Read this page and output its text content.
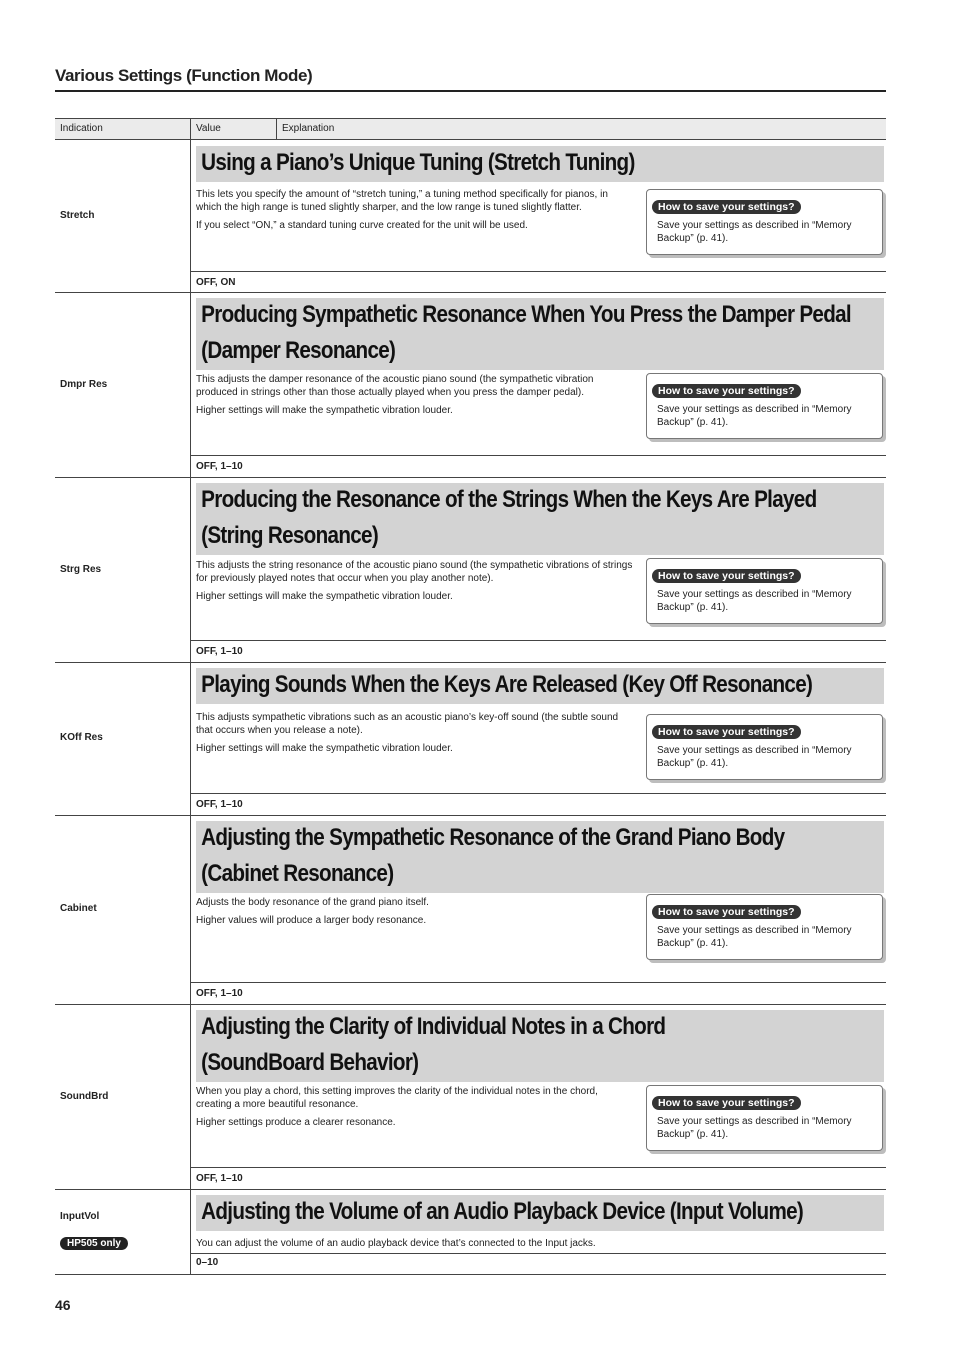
Various Settings (Function Mode)
Indication	Value	Explanation
Stretch
Using a Piano’s Unique Tuning (Stretch Tuning)

This lets you specify the amount of “stretch tuning,” a tuning method specifically for pianos, in which the high range is tuned slightly sharper, and the low range is tuned slightly flatter.

If you select “ON,” a standard tuning curve created for the unit will be used.

How to save your settings?
Save your settings as described in “Memory Backup” (p. 41).
OFF, ON
Dmpr Res
Producing Sympathetic Resonance When You Press the Damper Pedal
(Damper Resonance)

This adjusts the damper resonance of the acoustic piano sound (the sympathetic vibration produced in strings other than those actually played when you press the damper pedal).

Higher settings will make the sympathetic vibration louder.

How to save your settings?
Save your settings as described in “Memory Backup” (p. 41).
OFF, 1–10
Strg Res
Producing the Resonance of the Strings When the Keys Are Played
(String Resonance)

This adjusts the string resonance of the acoustic piano sound (the sympathetic vibrations of strings for previously played notes that occur when you play another note).

Higher settings will make the sympathetic vibration louder.

How to save your settings?
Save your settings as described in “Memory Backup” (p. 41).
OFF, 1–10
KOff Res
Playing Sounds When the Keys Are Released (Key Off Resonance)

This adjusts sympathetic vibrations such as an acoustic piano’s key-off sound (the subtle sound that occurs when you release a note).

Higher settings will make the sympathetic vibration louder.

How to save your settings?
Save your settings as described in “Memory Backup” (p. 41).
OFF, 1–10
Cabinet
Adjusting the Sympathetic Resonance of the Grand Piano Body
(Cabinet Resonance)

Adjusts the body resonance of the grand piano itself.

Higher values will produce a larger body resonance.

How to save your settings?
Save your settings as described in “Memory Backup” (p. 41).
OFF, 1–10
SoundBrd
Adjusting the Clarity of Individual Notes in a Chord
(SoundBoard Behavior)

When you play a chord, this setting improves the clarity of the individual notes in the chord, creating a more beautiful resonance.

Higher settings produce a clearer resonance.

How to save your settings?
Save your settings as described in “Memory Backup” (p. 41).
OFF, 1–10
InputVol
HP505 only
Adjusting the Volume of an Audio Playback Device (Input Volume)

You can adjust the volume of an audio playback device that’s connected to the Input jacks.

0–10
46
